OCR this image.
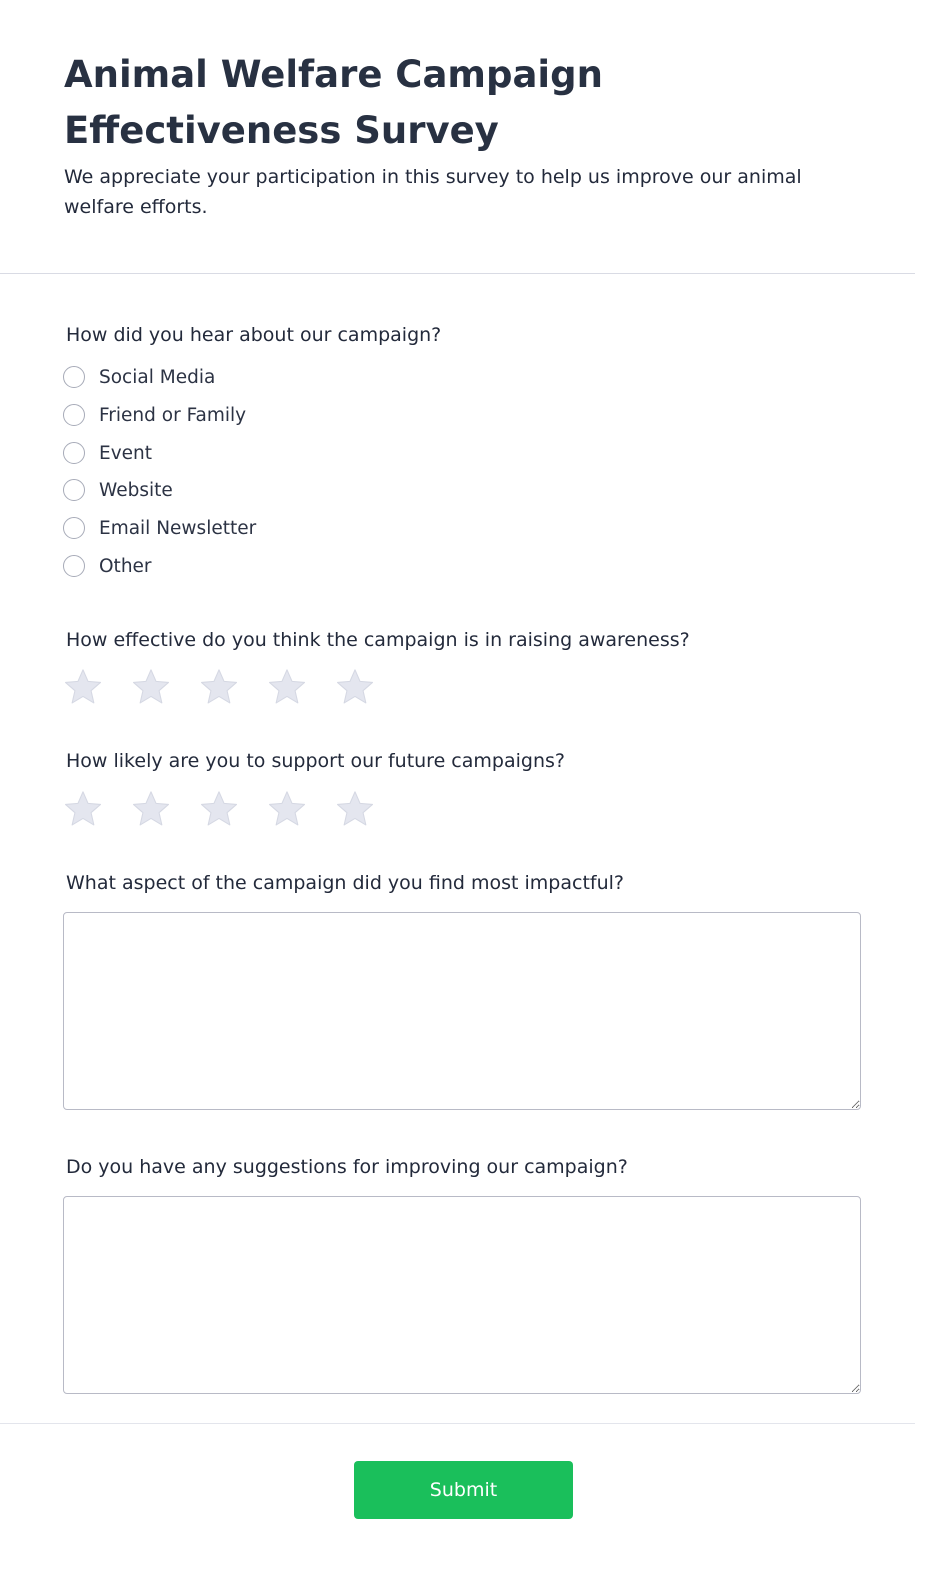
Animal Welfare Campaign Effectiveness Survey

We appreciate your participation in this survey to help us improve our animal welfare efforts.

How did you hear about our campaign?

Social Media
Friend or Family
Event
Website
Email Newsletter
Other

How effective do you think the campaign is in raising awareness?

How likely are you to support our future campaigns?

What aspect of the campaign did you find most impactful?

Do you have any suggestions for improving our campaign?

Submit
